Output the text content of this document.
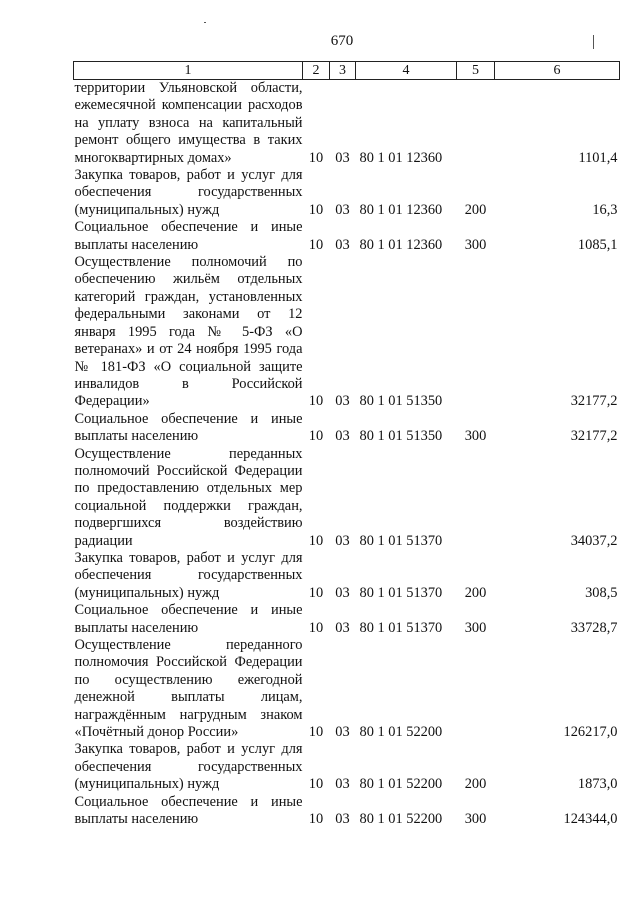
670
1	2	3	4	5	6
территории Ульяновской области, ежемесячной компенсации расходов на уплату взноса на капитальный ремонт общего имущества в таких многоквартирных домах»	10	03	80 1 01 12360		1101,4
Закупка товаров, работ и услуг для обеспечения государственных (муниципальных) нужд	10	03	80 1 01 12360	200	16,3
Социальное обеспечение и иные выплаты населению	10	03	80 1 01 12360	300	1085,1
Осуществление полномочий по обеспечению жильём отдельных категорий граждан, установленных федеральными законами от 12 января 1995 года № 5-ФЗ «О ветеранах» и от 24 ноября 1995 года № 181-ФЗ «О социальной защите инвалидов в Российской Федерации»	10	03	80 1 01 51350		32177,2
Социальное обеспечение и иные выплаты населению	10	03	80 1 01 51350	300	32177,2
Осуществление переданных полномочий Российской Федерации по предоставлению отдельных мер социальной поддержки граждан, подвергшихся воздействию радиации	10	03	80 1 01 51370		34037,2
Закупка товаров, работ и услуг для обеспечения государственных (муниципальных) нужд	10	03	80 1 01 51370	200	308,5
Социальное обеспечение и иные выплаты населению	10	03	80 1 01 51370	300	33728,7
Осуществление переданного полномочия Российской Федерации по осуществлению ежегодной денежной выплаты лицам, награждённым нагрудным знаком «Почётный донор России»	10	03	80 1 01 52200		126217,0
Закупка товаров, работ и услуг для обеспечения государственных (муниципальных) нужд	10	03	80 1 01 52200	200	1873,0
Социальное обеспечение и иные выплаты населению	10	03	80 1 01 52200	300	124344,0
